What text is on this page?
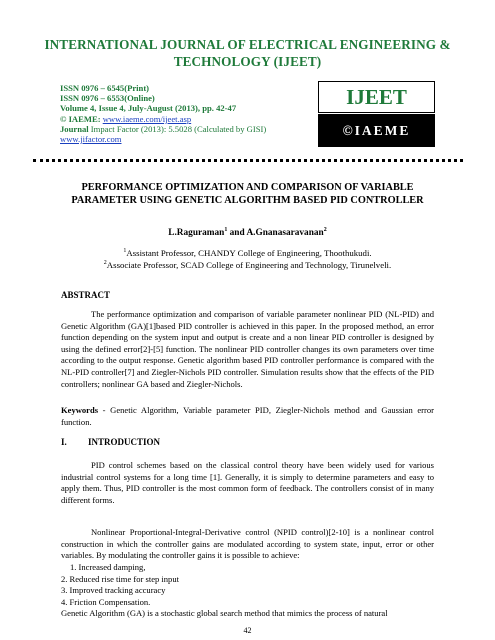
INTERNATIONAL JOURNAL OF ELECTRICAL ENGINEERING &
TECHNOLOGY (IJEET)
ISSN 0976 – 6545(Print)
ISSN 0976 – 6553(Online)
Volume 4, Issue 4, July-August (2013), pp. 42-47
© IAEME: www.iaeme.com/ijeet.asp
Journal Impact Factor (2013): 5.5028 (Calculated by GISI)
www.jifactor.com
IJEET
©IAEME
PERFORMANCE OPTIMIZATION AND COMPARISON OF VARIABLE
PARAMETER USING GENETIC ALGORITHM BASED PID CONTROLLER
L.Raguraman$^1$ and A.Gnanasaravanan$^2$
$^1$Assistant Professor, CHANDY College of Engineering, Thoothukudi.
$^2$Associate Professor, SCAD College of Engineering and Technology, Tirunelveli.
ABSTRACT
The performance optimization and comparison of variable parameter nonlinear PID (NL-PID) and Genetic Algorithm (GA)[1]based PID controller is achieved in this paper. In the proposed method, an error function depending on the system input and output is create and a non linear PID controller is designed by using the defined error[2]-[5] function. The nonlinear PID controller changes its own parameters over time according to the output response. Genetic algorithm based PID controller performance is compared with the NL-PID controller[7] and Ziegler-Nichols PID controller. Simulation results show that the effects of the PID controllers; nonlinear GA based and Ziegler-Nichols.
Keywords - Genetic Algorithm, Variable parameter PID, Ziegler-Nichols method and Gaussian error function.
I. INTRODUCTION
PID control schemes based on the classical control theory have been widely used for various industrial control systems for a long time [1]. Generally, it is simply to determine parameters and easy to apply them. Thus, PID controller is the most common form of feedback. The controllers consist of in many different forms.
Nonlinear Proportional-Integral-Derivative control (NPID control)[2-10] is a nonlinear control construction in which the controller gains are modulated according to system state, input, error or other variables. By modulating the controller gains it is possible to achieve:
1. Increased damping,
2. Reduced rise time for step input
3. Improved tracking accuracy
4. Friction Compensation.
Genetic Algorithm (GA) is a stochastic global search method that mimics the process of natural
42
